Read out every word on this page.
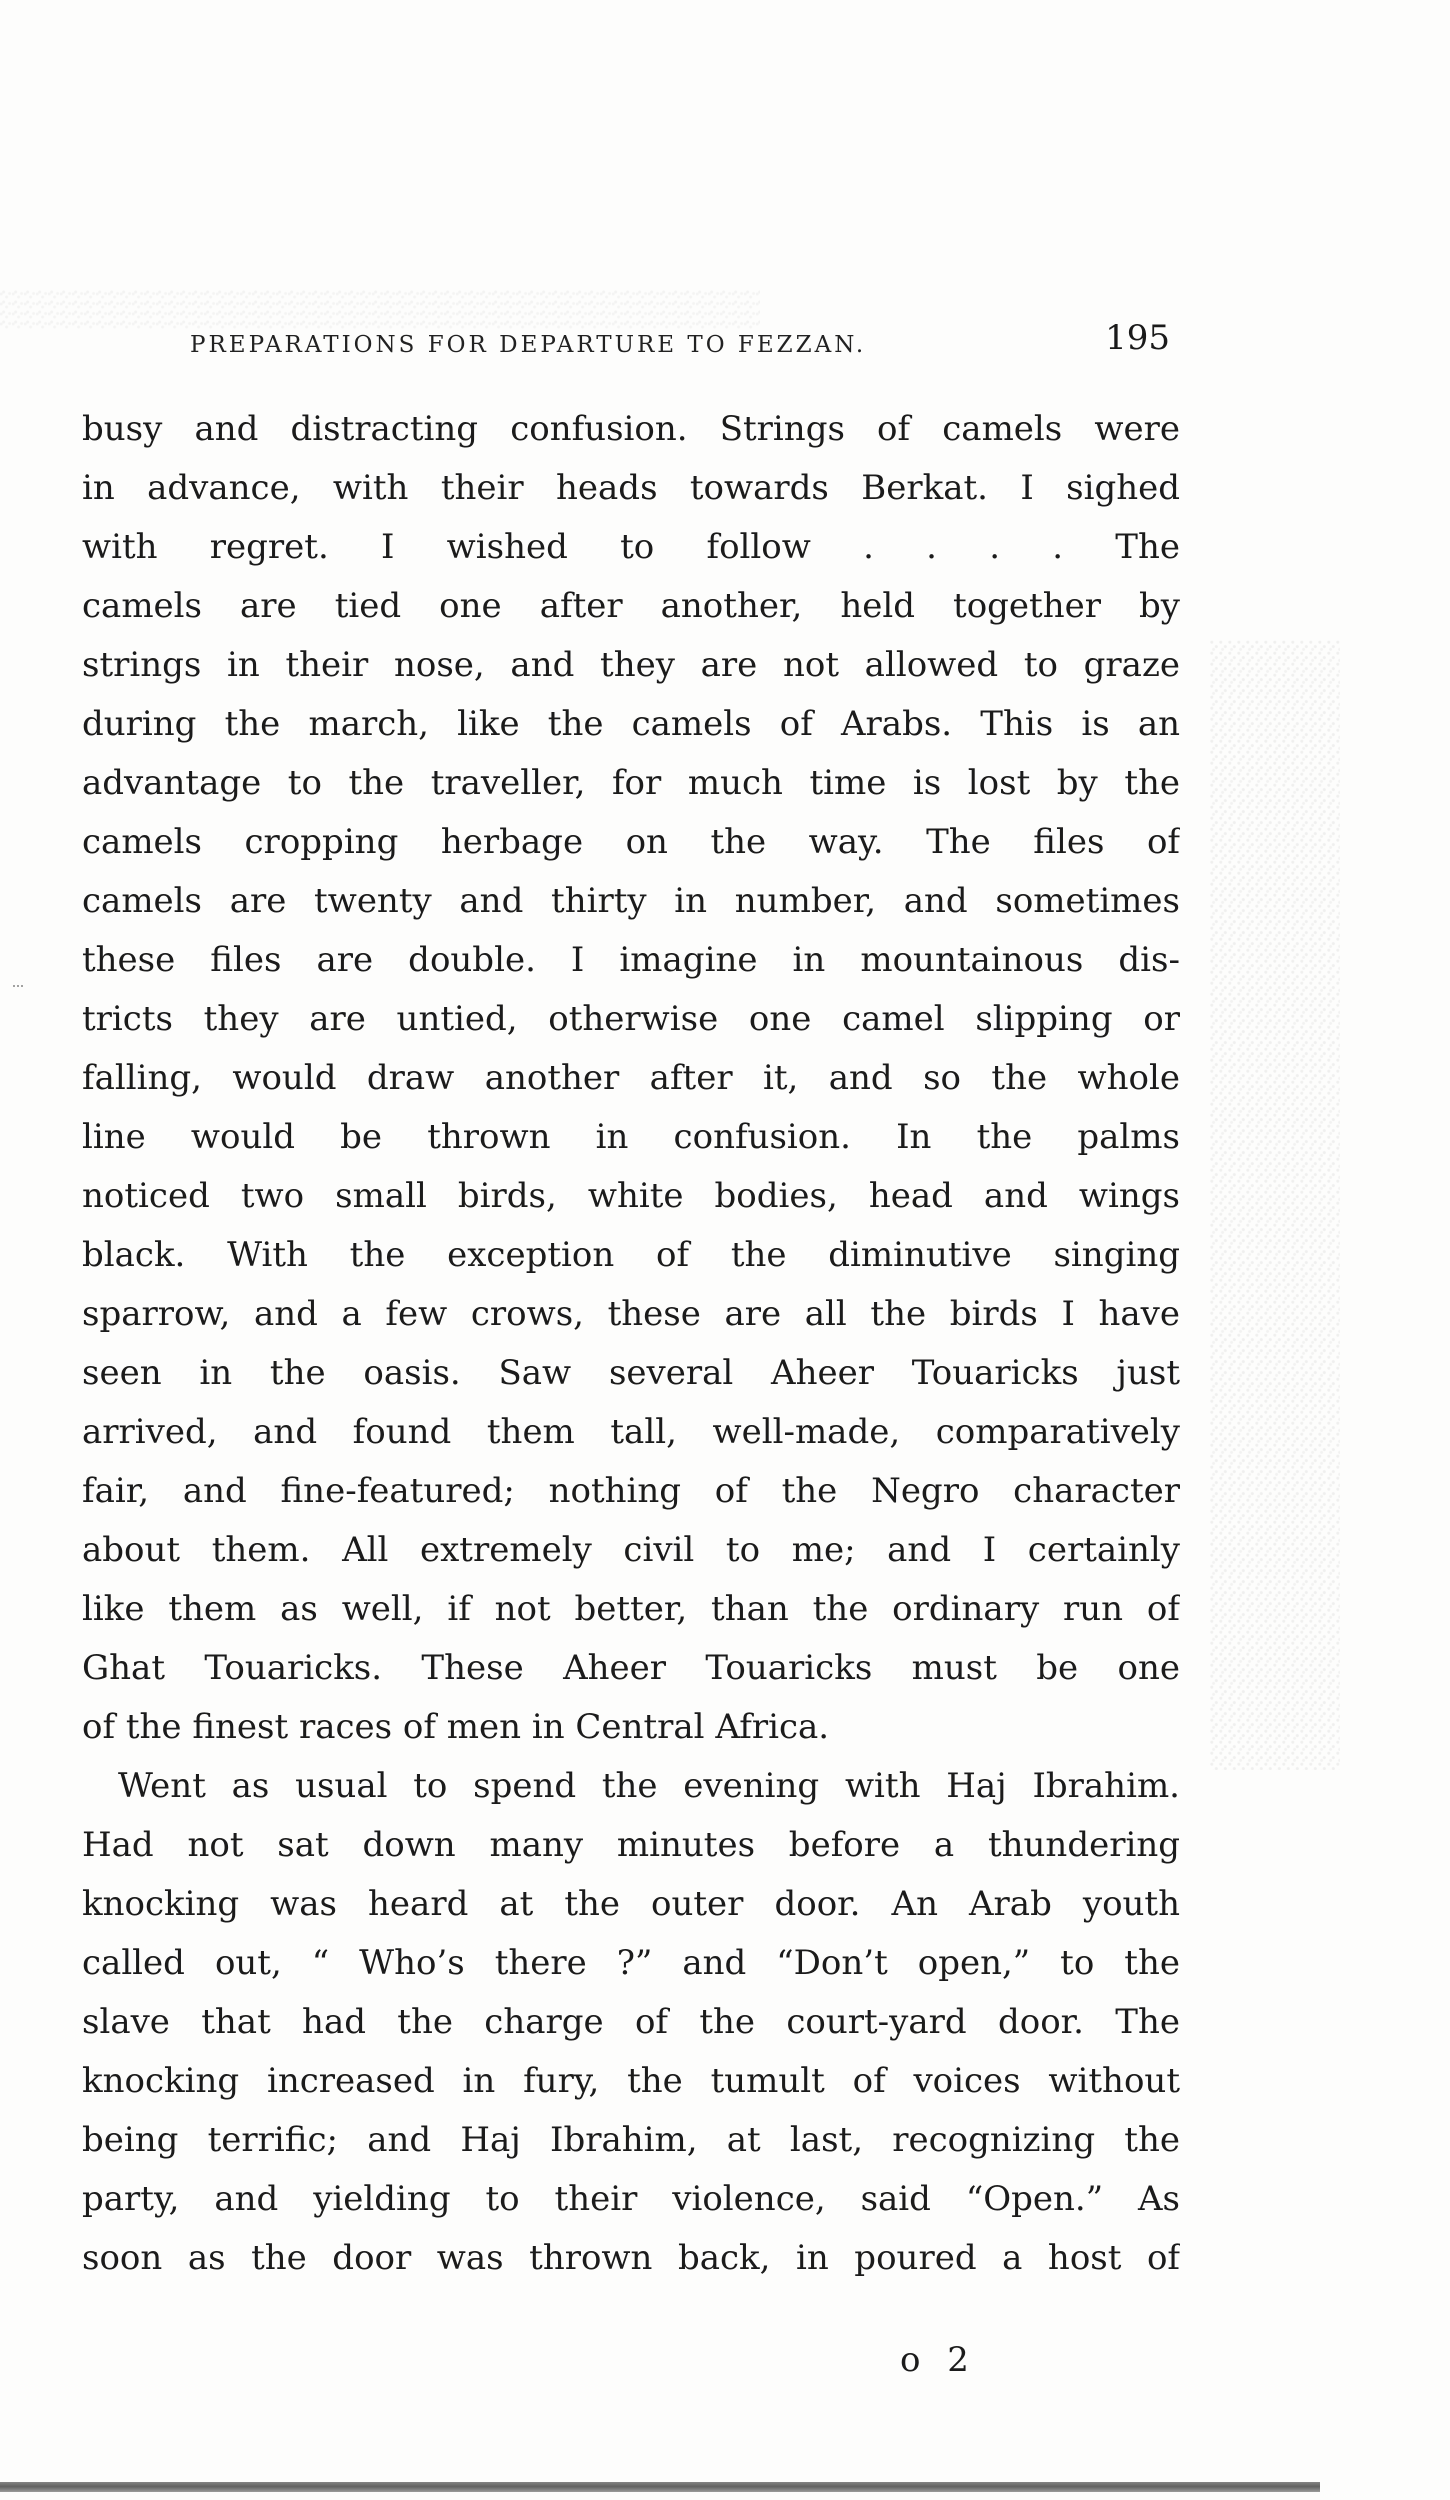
PREPARATIONS FOR DEPARTURE TO FEZZAN.	195
busy and distracting confusion. Strings of camels were
in advance, with their heads towards Berkat. I sighed
with regret. I wished to follow . . . . The
camels are tied one after another, held together by
strings in their nose, and they are not allowed to graze
during the march, like the camels of Arabs. This is an
advantage to the traveller, for much time is lost by the
camels cropping herbage on the way. The files of
camels are twenty and thirty in number, and sometimes
these files are double. I imagine in mountainous dis-
tricts they are untied, otherwise one camel slipping or
falling, would draw another after it, and so the whole
line would be thrown in confusion. In the palms
noticed two small birds, white bodies, head and wings
black. With the exception of the diminutive singing
sparrow, and a few crows, these are all the birds I have
seen in the oasis. Saw several Aheer Touaricks just
arrived, and found them tall, well-made, comparatively
fair, and fine-featured; nothing of the Negro character
about them. All extremely civil to me; and I certainly
like them as well, if not better, than the ordinary run of
Ghat Touaricks. These Aheer Touaricks must be one
of the finest races of men in Central Africa.
Went as usual to spend the evening with Haj Ibrahim.
Had not sat down many minutes before a thundering
knocking was heard at the outer door. An Arab youth
called out, “ Who’s there ?” and “Don’t open,” to the
slave that had the charge of the court-yard door. The
knocking increased in fury, the tumult of voices without
being terrific; and Haj Ibrahim, at last, recognizing the
party, and yielding to their violence, said “Open.” As
soon as the door was thrown back, in poured a host of
o 2
